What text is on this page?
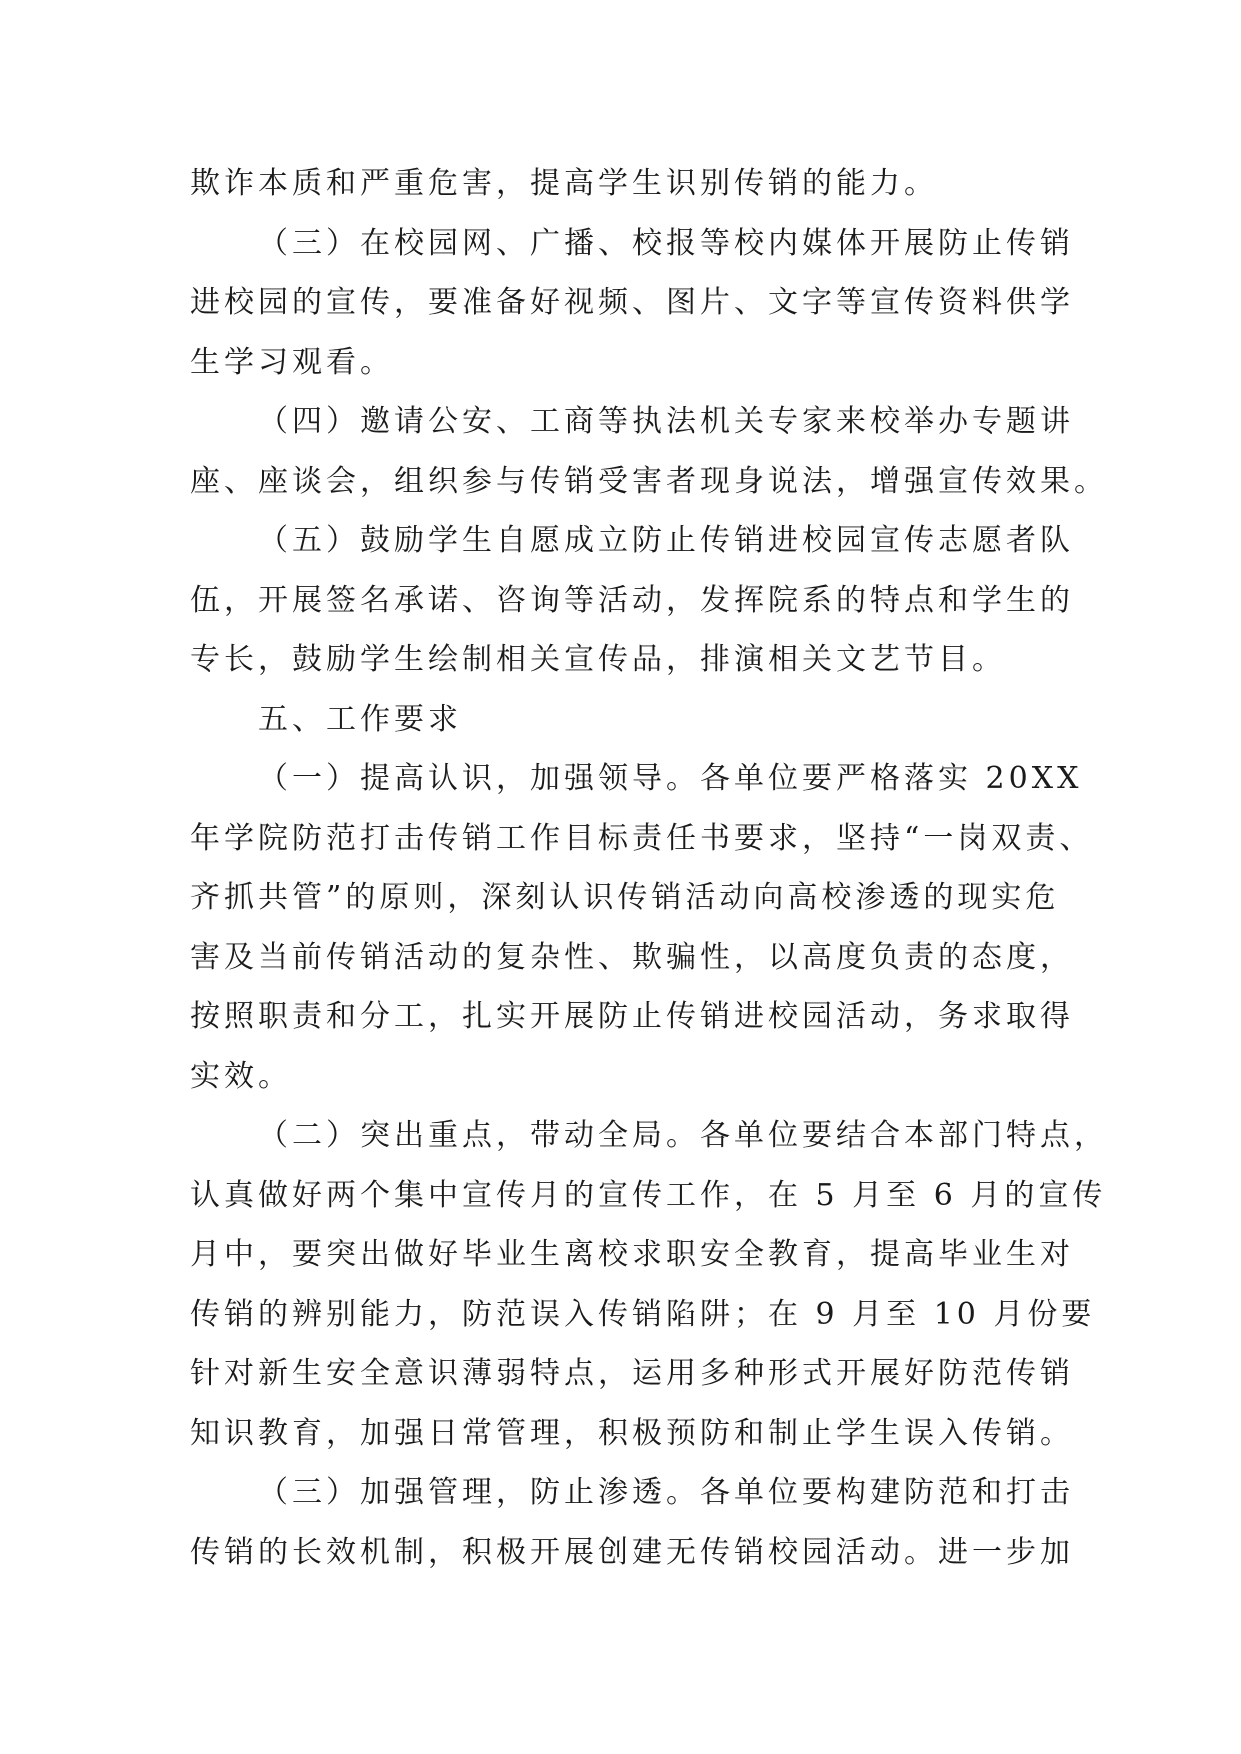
欺诈本质和严重危害，提高学生识别传销的能力。
（三）在校园网、广播、校报等校内媒体开展防止传销
进校园的宣传，要准备好视频、图片、文字等宣传资料供学
生学习观看。
（四）邀请公安、工商等执法机关专家来校举办专题讲
座、座谈会，组织参与传销受害者现身说法，增强宣传效果。
（五）鼓励学生自愿成立防止传销进校园宣传志愿者队
伍，开展签名承诺、咨询等活动，发挥院系的特点和学生的
专长，鼓励学生绘制相关宣传品，排演相关文艺节目。
五、工作要求
（一）提高认识，加强领导。各单位要严格落实 20XX
年学院防范打击传销工作目标责任书要求，坚持“一岗双责、
齐抓共管”的原则，深刻认识传销活动向高校渗透的现实危
害及当前传销活动的复杂性、欺骗性，以高度负责的态度，
按照职责和分工，扎实开展防止传销进校园活动，务求取得
实效。
（二）突出重点，带动全局。各单位要结合本部门特点，
认真做好两个集中宣传月的宣传工作，在 5 月至 6 月的宣传
月中，要突出做好毕业生离校求职安全教育，提高毕业生对
传销的辨别能力，防范误入传销陷阱；在 9 月至 10 月份要
针对新生安全意识薄弱特点，运用多种形式开展好防范传销
知识教育，加强日常管理，积极预防和制止学生误入传销。
（三）加强管理，防止渗透。各单位要构建防范和打击
传销的长效机制，积极开展创建无传销校园活动。进一步加
